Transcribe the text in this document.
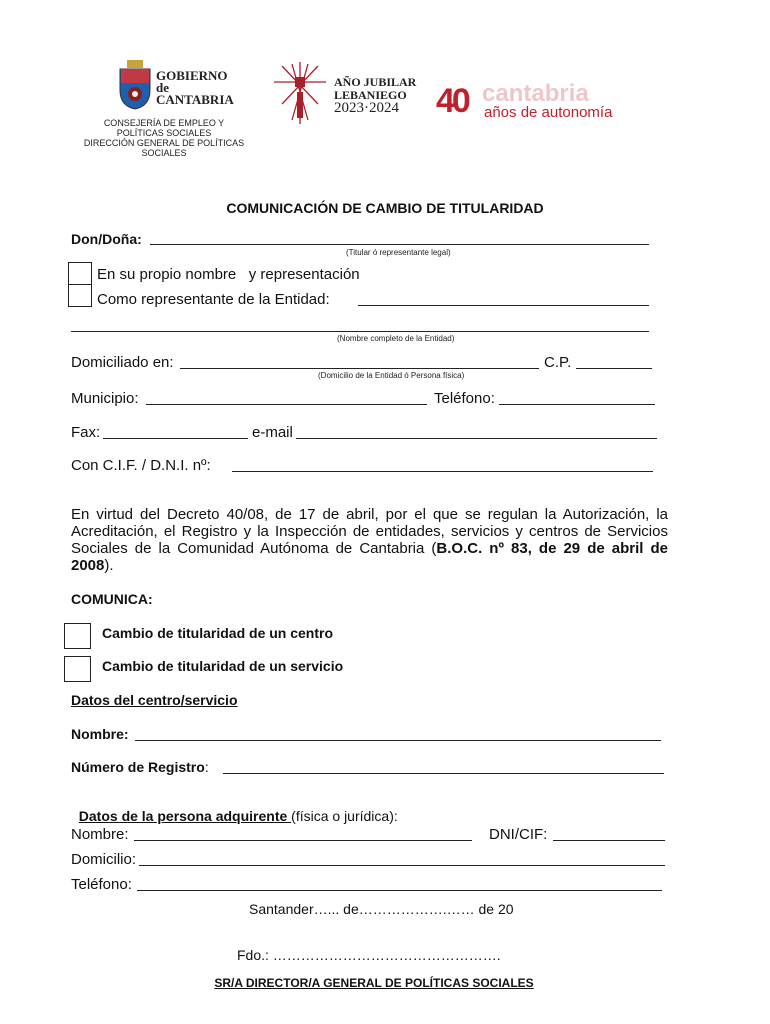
GOBIERNO
de
CANTABRIA
CONSEJERÍA DE EMPLEO Y
POLÍTICAS SOCIALES
DIRECCIÓN GENERAL DE POLÍTICAS
SOCIALES
AÑO JUBILAR
LEBANIEGO
2023·2024	40 cantabria
años de autonomía
COMUNICACIÓN DE CAMBIO DE TITULARIDAD
Don/Doña:
(Titular ó representante legal)
En su propio nombre   y representación
Como representante de la Entidad:
(Nombre completo de la Entidad)
Domiciliado en:	C.P.
(Domicilio de la Entidad ó Persona física)
Municipio:	Teléfono:
Fax:	e-mail
Con C.I.F. / D.N.I. nº:
En virtud del Decreto 40/08, de 17 de abril, por el que se regulan la Autorización, la Acreditación, el Registro y la Inspección de entidades, servicios y centros de Servicios Sociales de la Comunidad Autónoma de Cantabria (B.O.C. nº 83, de 29 de abril de 2008).
COMUNICA:
Cambio de titularidad de un centro
Cambio de titularidad de un servicio
Datos del centro/servicio
Nombre:
Número de Registro:

Datos de la persona adquirente (física o jurídica):

Nombre:	DNI/CIF:
Domicilio:
Teléfono:
Santander…... de……………….…… de 20
Fdo.: ………………………………………….
SR/A DIRECTOR/A GENERAL DE POLÍTICAS SOCIALES
